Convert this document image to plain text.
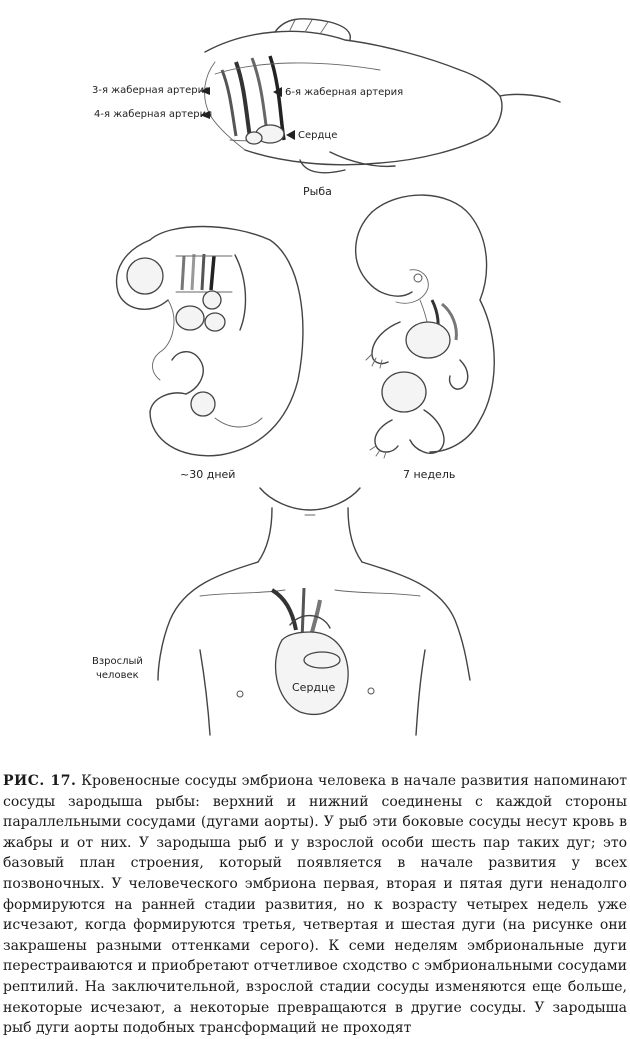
3-я жаберная артерия
4-я жаберная артерия
6-я жаберная артерия
Сердце
Рыба
~30 дней	7 недель
Взрослый
человек
Сердце

РИС. 17. Кровеносные сосуды эмбриона человека в начале развития напоминают сосуды зародыша рыбы: верхний и нижний соединены с каждой стороны параллельными сосудами (дугами аорты). У рыб эти боковые сосуды несут кровь в жабры и от них. У зародыша рыб и у взрослой особи шесть пар таких дуг; это базовый план строения, который появляется в начале развития у всех позвоночных. У человеческого эмбриона первая, вторая и пятая дуги ненадолго формируются на ранней стадии развития, но к возрасту четырех недель уже исчезают, когда формируются третья, четвертая и шестая дуги (на рисунке они закрашены разными оттенками серого). К семи неделям эмбриональные дуги перестраиваются и приобретают отчетливое сходство с эмбриональными сосудами рептилий. На заключительной, взрослой стадии сосуды изменяются еще больше, некоторые исчезают, а некоторые превращаются в другие сосуды. У зародыша рыб дуги аорты подобных трансформаций не проходят
